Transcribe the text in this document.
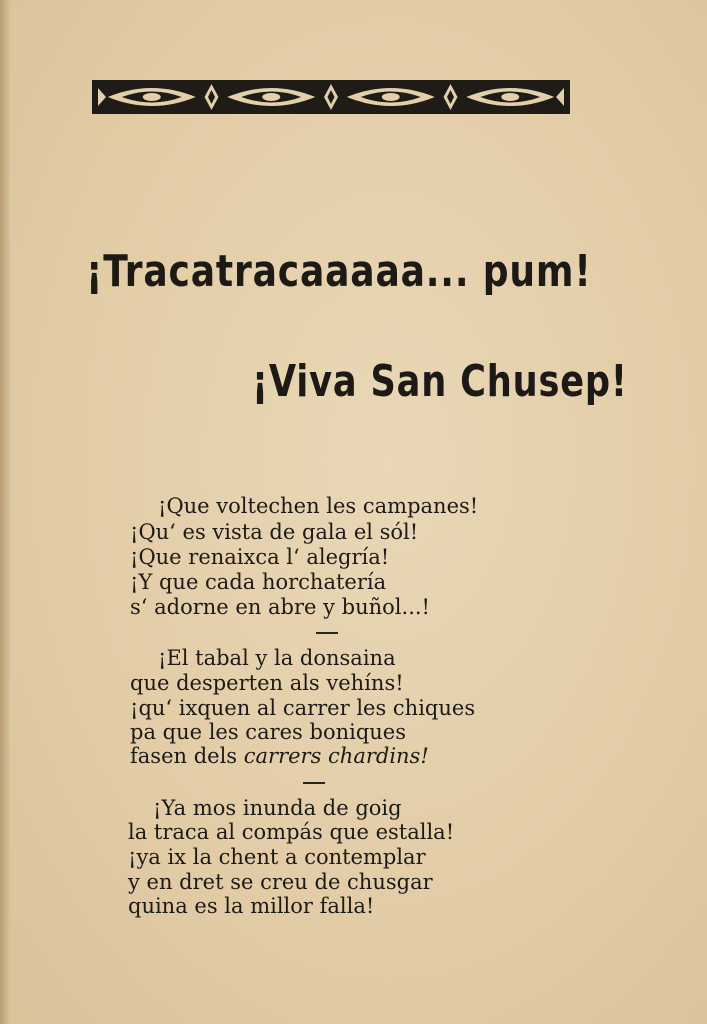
¡Tracatracaaaaa... pum!
¡Viva San Chusep!
¡Que voltechen les campanes!
¡Qu‘ es vista de gala el sól!
¡Que renaixca l‘ alegría!
¡Y que cada horchatería
s‘ adorne en abre y buñol...!
¡El tabal y la donsaina
que desperten als vehíns!
¡qu‘ ixquen al carrer les chiques
pa que les cares boniques
fasen dels carrers chardins!
¡Ya mos inunda de goig
la traca al compás que estalla!
¡ya ix la chent a contemplar
y en dret se creu de chusgar
quina es la millor falla!
